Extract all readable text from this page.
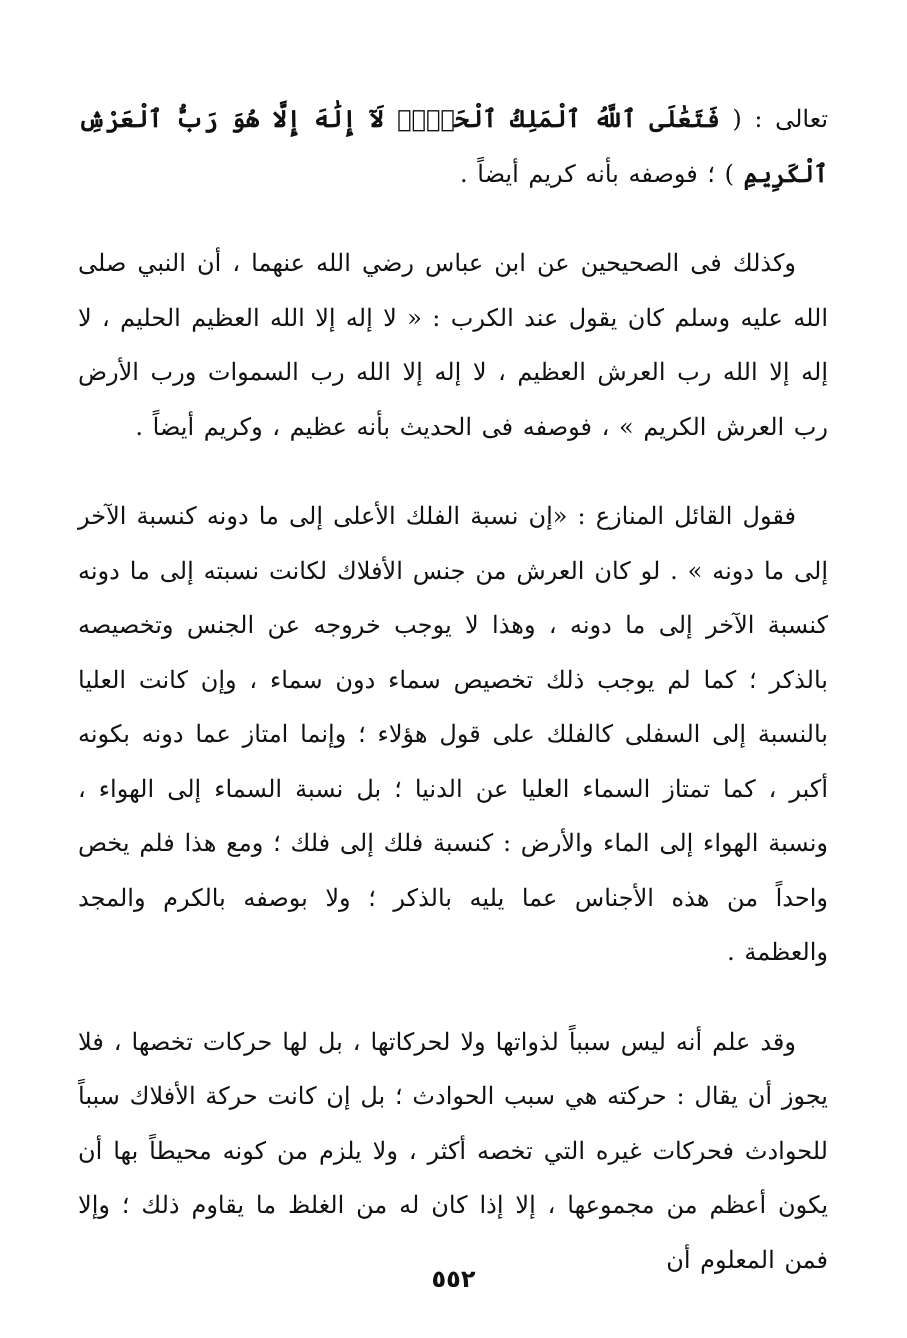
تعالى : ( فَتَعَٰلَى ٱللَّهُ ٱلْمَلِكُ ٱلْحَقُّۖ لَآ إِلَٰهَ إِلَّا هُوَ رَبُّ ٱلْعَرْشِ ٱلْكَرِيمِ ) ؛ فوصفه بأنه كريم أيضاً .

وكذلك فى الصحيحين عن ابن عباس رضي الله عنهما ، أن النبي صلى الله عليه وسلم كان يقول عند الكرب : « لا إله إلا الله العظيم الحليم ، لا إله إلا الله رب العرش العظيم ، لا إله إلا الله رب السموات ورب الأرض رب العرش الكريم » ، فوصفه فى الحديث بأنه عظيم ، وكريم أيضاً .

فقول القائل المنازع : «إن نسبة الفلك الأعلى إلى ما دونه كنسبة الآخر إلى ما دونه » . لو كان العرش من جنس الأفلاك لكانت نسبته إلى ما دونه كنسبة الآخر إلى ما دونه ، وهذا لا يوجب خروجه عن الجنس وتخصيصه بالذكر ؛ كما لم يوجب ذلك تخصيص سماء دون سماء ، وإن كانت العليا بالنسبة إلى السفلى كالفلك على قول هؤلاء ؛ وإنما امتاز عما دونه بكونه أكبر ، كما تمتاز السماء العليا عن الدنيا ؛ بل نسبة السماء إلى الهواء ، ونسبة الهواء إلى الماء والأرض : كنسبة فلك إلى فلك ؛ ومع هذا فلم يخص واحداً من هذه الأجناس عما يليه بالذكر ؛ ولا بوصفه بالكرم والمجد والعظمة .

وقد علم أنه ليس سبباً لذواتها ولا لحركاتها ، بل لها حركات تخصها ، فلا يجوز أن يقال : حركته هي سبب الحوادث ؛ بل إن كانت حركة الأفلاك سبباً للحوادث فحركات غيره التي تخصه أكثر ، ولا يلزم من كونه محيطاً بها أن يكون أعظم من مجموعها ، إلا إذا كان له من الغلظ ما يقاوم ذلك ؛ وإلا فمن المعلوم أن

٥٥٢
